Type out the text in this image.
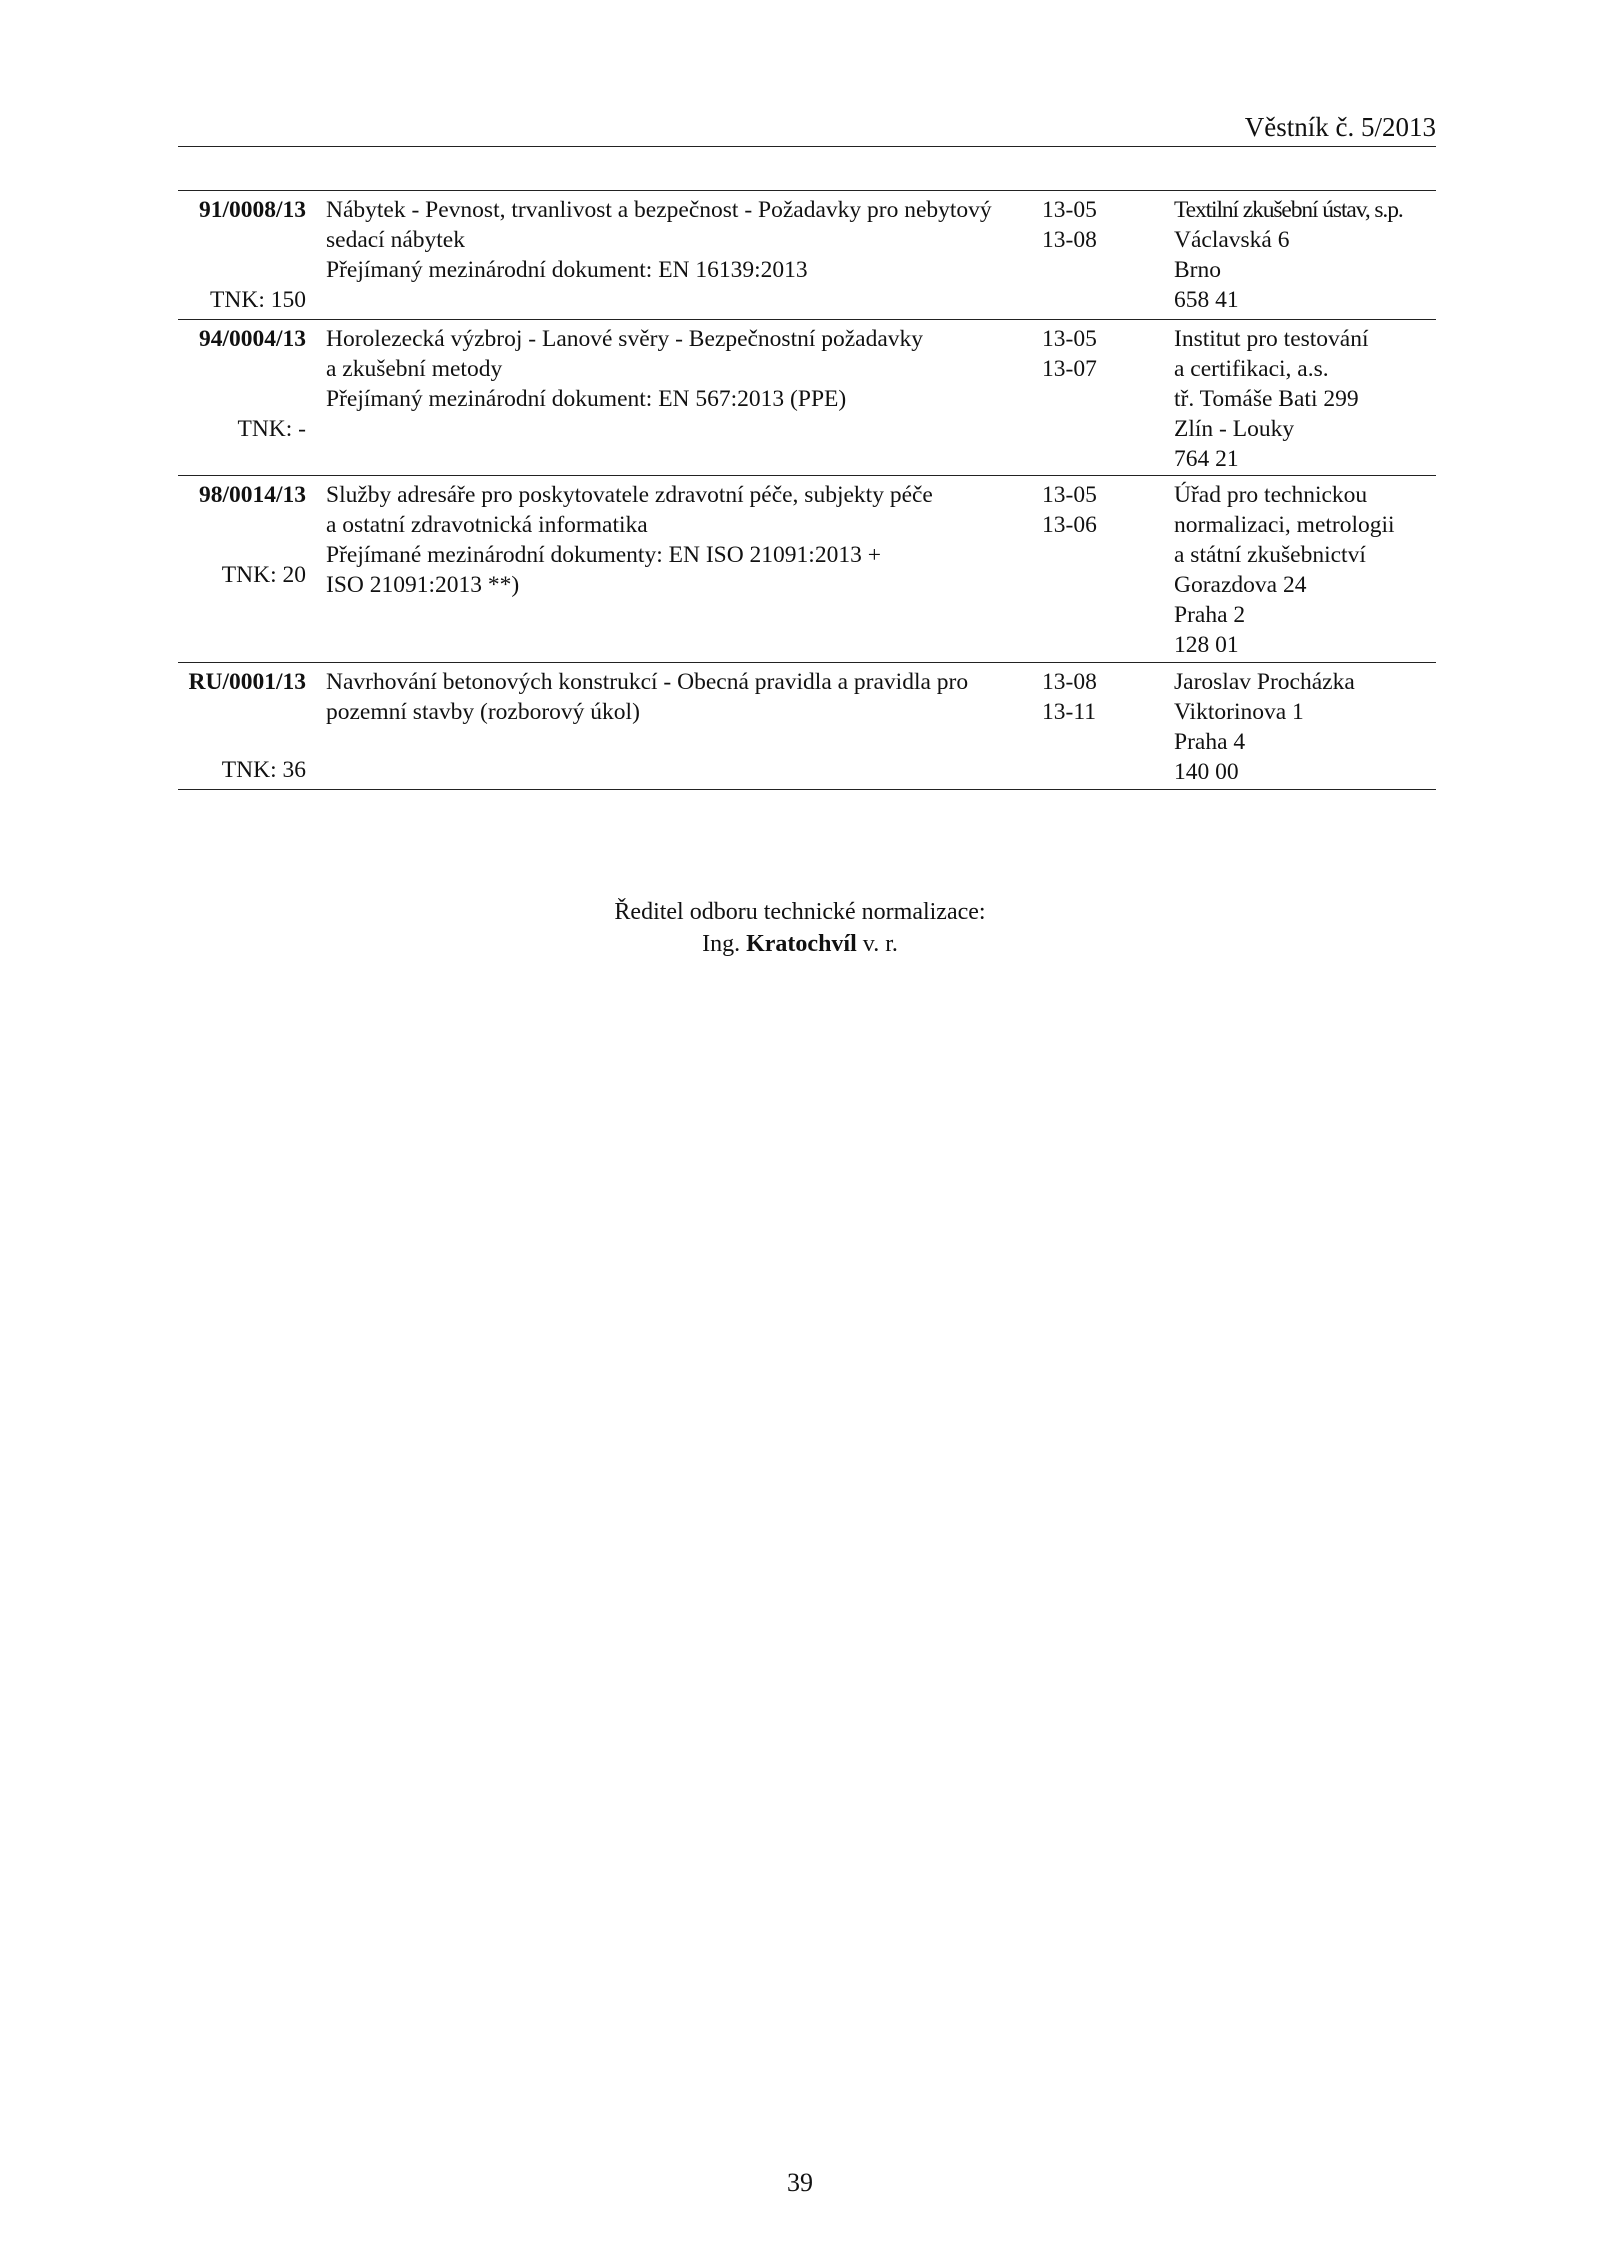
Věstník č. 5/2013
91/0008/13
TNK: 150
Nábytek - Pevnost, trvanlivost a bezpečnost - Požadavky pro nebytový
sedací nábytek
Přejímaný mezinárodní dokument: EN 16139:2013
13-05
13-08
Textilní zkušební ústav, s.p.
Václavská 6
Brno
658 41
94/0004/13
TNK: -
Horolezecká výzbroj - Lanové svěry - Bezpečnostní požadavky
a zkušební metody
Přejímaný mezinárodní dokument: EN 567:2013 (PPE)
13-05
13-07
Institut pro testování
a certifikaci, a.s.
tř. Tomáše Bati 299
Zlín - Louky
764 21
98/0014/13
TNK: 20
Služby adresáře pro poskytovatele zdravotní péče, subjekty péče
a ostatní zdravotnická informatika
Přejímané mezinárodní dokumenty: EN ISO 21091:2013 +
ISO 21091:2013 **)
13-05
13-06
Úřad pro technickou
normalizaci, metrologii
a státní zkušebnictví
Gorazdova 24
Praha 2
128 01
RU/0001/13
TNK: 36
Navrhování betonových konstrukcí - Obecná pravidla a pravidla pro
pozemní stavby (rozborový úkol)
13-08
13-11
Jaroslav Procházka
Viktorinova 1
Praha 4
140 00
Ředitel odboru technické normalizace:
Ing. Kratochvíl v. r.
39
